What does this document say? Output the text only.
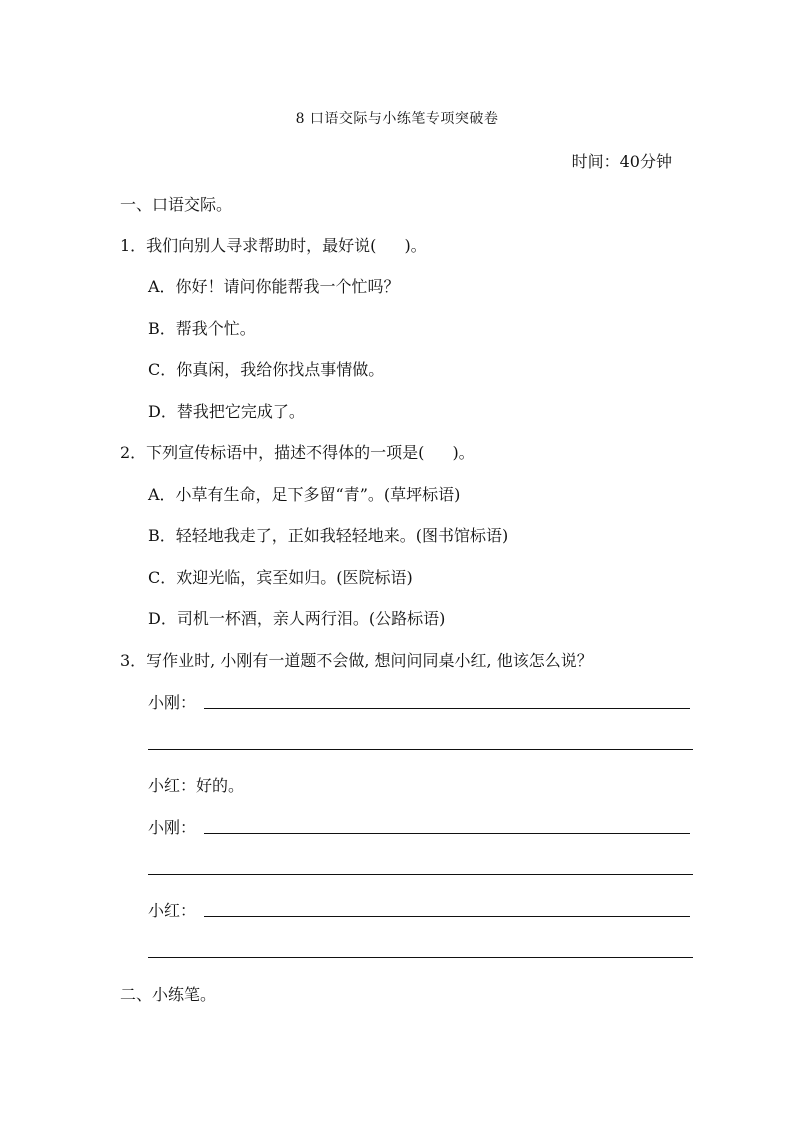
8 口语交际与小练笔专项突破卷
时间：40分钟
一、口语交际。
1．我们向别人寻求帮助时，最好说( )。
A．你好！请问你能帮我一个忙吗？
B．帮我个忙。
C．你真闲，我给你找点事情做。
D．替我把它完成了。
2．下列宣传标语中，描述不得体的一项是( )。
A．小草有生命，足下多留“青”。(草坪标语)
B．轻轻地我走了，正如我轻轻地来。(图书馆标语)
C．欢迎光临，宾至如归。(医院标语)
D．司机一杯酒，亲人两行泪。(公路标语)
3．写作业时, 小刚有一道题不会做, 想问问同桌小红, 他该怎么说？
小刚：
小红：好的。
小刚：
小红：
二、小练笔。
